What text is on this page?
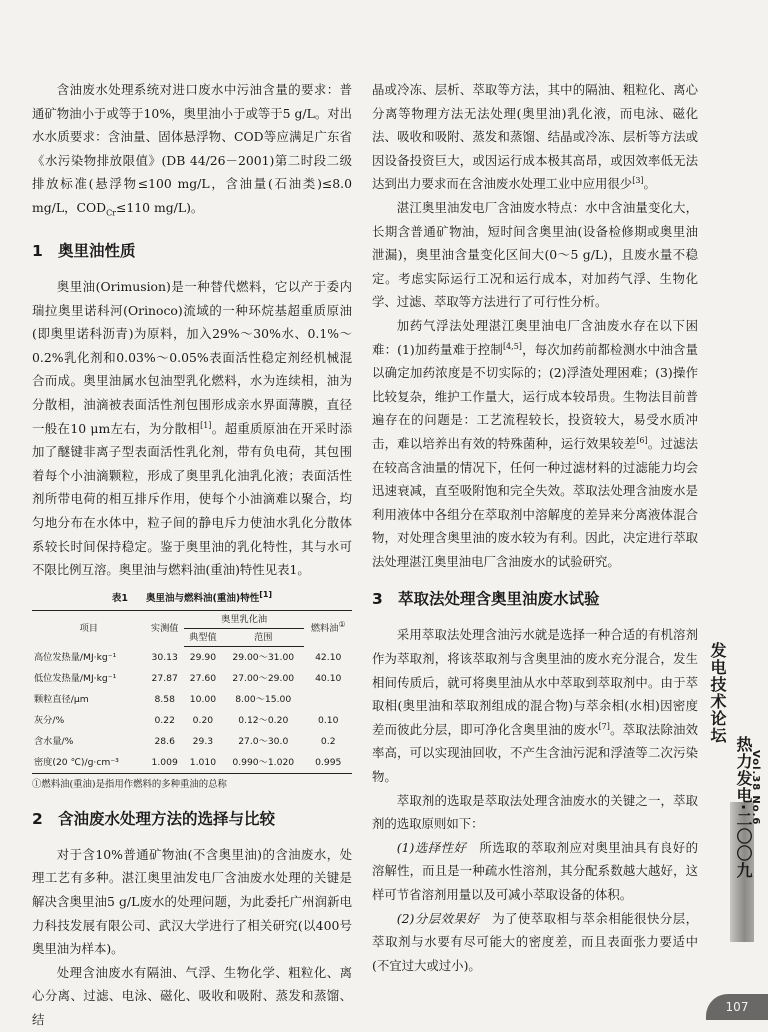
含油废水处理系统对进口废水中污油含量的要求：普通矿物油小于或等于10%，奥里油小于或等于5 g/L。对出水水质要求：含油量、固体悬浮物、COD等应满足广东省《水污染物排放限值》(DB 44/26－2001)第二时段二级排放标准(悬浮物≤100 mg/L，含油量(石油类)≤8.0 mg/L，$COD_{Cr}\le 110$ mg/L)。

1 奥里油性质

奥里油(Orimusion)是一种替代燃料，它以产于委内瑞拉奥里诺科河(Orinoco)流域的一种环烷基超重质原油(即奥里诺科沥青)为原料，加入29%～30%水、0.1%～0.2%乳化剂和0.03%～0.05%表面活性稳定剂经机械混合而成。奥里油属水包油型乳化燃料，水为连续相，油为分散相，油滴被表面活性剂包围形成亲水界面薄膜，直径一般在10 μm左右，为分散相[1]。超重质原油在开采时添加了醚键非离子型表面活性乳化剂，带有负电荷，其包围着每个小油滴颗粒，形成了奥里乳化油乳化液；表面活性剂所带电荷的相互排斥作用，使每个小油滴难以聚合，均匀地分布在水体中，粒子间的静电斥力使油水乳化分散体系较长时间保持稳定。鉴于奥里油的乳化特性，其与水可不限比例互溶。奥里油与燃料油(重油)特性见表1。

表1 奥里油与燃料油(重油)特性[1]
项目	实测值	奥里乳化油		燃料油①
		典型值	范围	
高位发热量/MJ·kg⁻¹	30.13	29.90	29.00～31.00	42.10
低位发热量/MJ·kg⁻¹	27.87	27.60	27.00～29.00	40.10
颗粒直径/μm	8.58	10.00	8.00～15.00	
灰分/%	0.22	0.20	0.12～0.20	0.10
含水量/%	28.6	29.3	27.0～30.0	0.2
密度(20 ℃)/g·cm⁻³	1.009	1.010	0.990～1.020	0.995
①燃料油(重油)是指用作燃料的多种重油的总称
2 含油废水处理方法的选择与比较

对于含10%普通矿物油(不含奥里油)的含油废水，处理工艺有多种。湛江奥里油发电厂含油废水处理的关键是解决含奥里油5 g/L废水的处理问题，为此委托广州润新电力科技发展有限公司、武汉大学进行了相关研究(以400号奥里油为样本)。

处理含油废水有隔油、气浮、生物化学、粗粒化、离心分离、过滤、电泳、磁化、吸收和吸附、蒸发和蒸馏、结

晶或冷冻、层析、萃取等方法，其中的隔油、粗粒化、离心分离等物理方法无法处理(奥里油)乳化液，而电泳、磁化法、吸收和吸附、蒸发和蒸馏、结晶或冷冻、层析等方法或因设备投资巨大，或因运行成本极其高昂，或因效率低无法达到出力要求而在含油废水处理工业中应用很少[3]。

湛江奥里油发电厂含油废水特点：水中含油量变化大，长期含普通矿物油，短时间含奥里油(设备检修期或奥里油泄漏)，奥里油含量变化区间大(0～5 g/L)，且废水量不稳定。考虑实际运行工况和运行成本，对加药气浮、生物化学、过滤、萃取等方法进行了可行性分析。

加药气浮法处理湛江奥里油电厂含油废水存在以下困难：(1)加药量难于控制[4,5]，每次加药前都检测水中油含量以确定加药浓度是不切实际的；(2)浮渣处理困难；(3)操作比较复杂，维护工作量大，运行成本较昂贵。生物法目前普遍存在的问题是：工艺流程较长，投资较大，易受水质冲击，难以培养出有效的特殊菌种，运行效果较差[6]。过滤法在较高含油量的情况下，任何一种过滤材料的过滤能力均会迅速衰减，直至吸附饱和完全失效。萃取法处理含油废水是利用液体中各组分在萃取剂中溶解度的差异来分离液体混合物，对处理含奥里油的废水较为有利。因此，决定进行萃取法处理湛江奥里油电厂含油废水的试验研究。

3 萃取法处理含奥里油废水试验

采用萃取法处理含油污水就是选择一种合适的有机溶剂作为萃取剂，将该萃取剂与含奥里油的废水充分混合，发生相间传质后，就可将奥里油从水中萃取到萃取剂中。由于萃取相(奥里油和萃取剂组成的混合物)与萃余相(水相)因密度差而彼此分层，即可净化含奥里油的废水[7]。萃取法除油效率高，可以实现油回收，不产生含油污泥和浮渣等二次污染物。

萃取剂的选取是萃取法处理含油废水的关键之一，萃取剂的选取原则如下：

(1)选择性好　 所选取的萃取剂应对奥里油具有良好的溶解性，而且是一种疏水性溶剂，其分配系数越大越好，这样可节省溶剂用量以及可减小萃取设备的体积。

(2)分层效果好　 为了使萃取相与萃余相能很快分层，萃取剂与水要有尽可能大的密度差，而且表面张力要适中(不宜过大或过小)。

发电技术论坛
热力发电·二〇〇九
Vol.38 No.6
107
